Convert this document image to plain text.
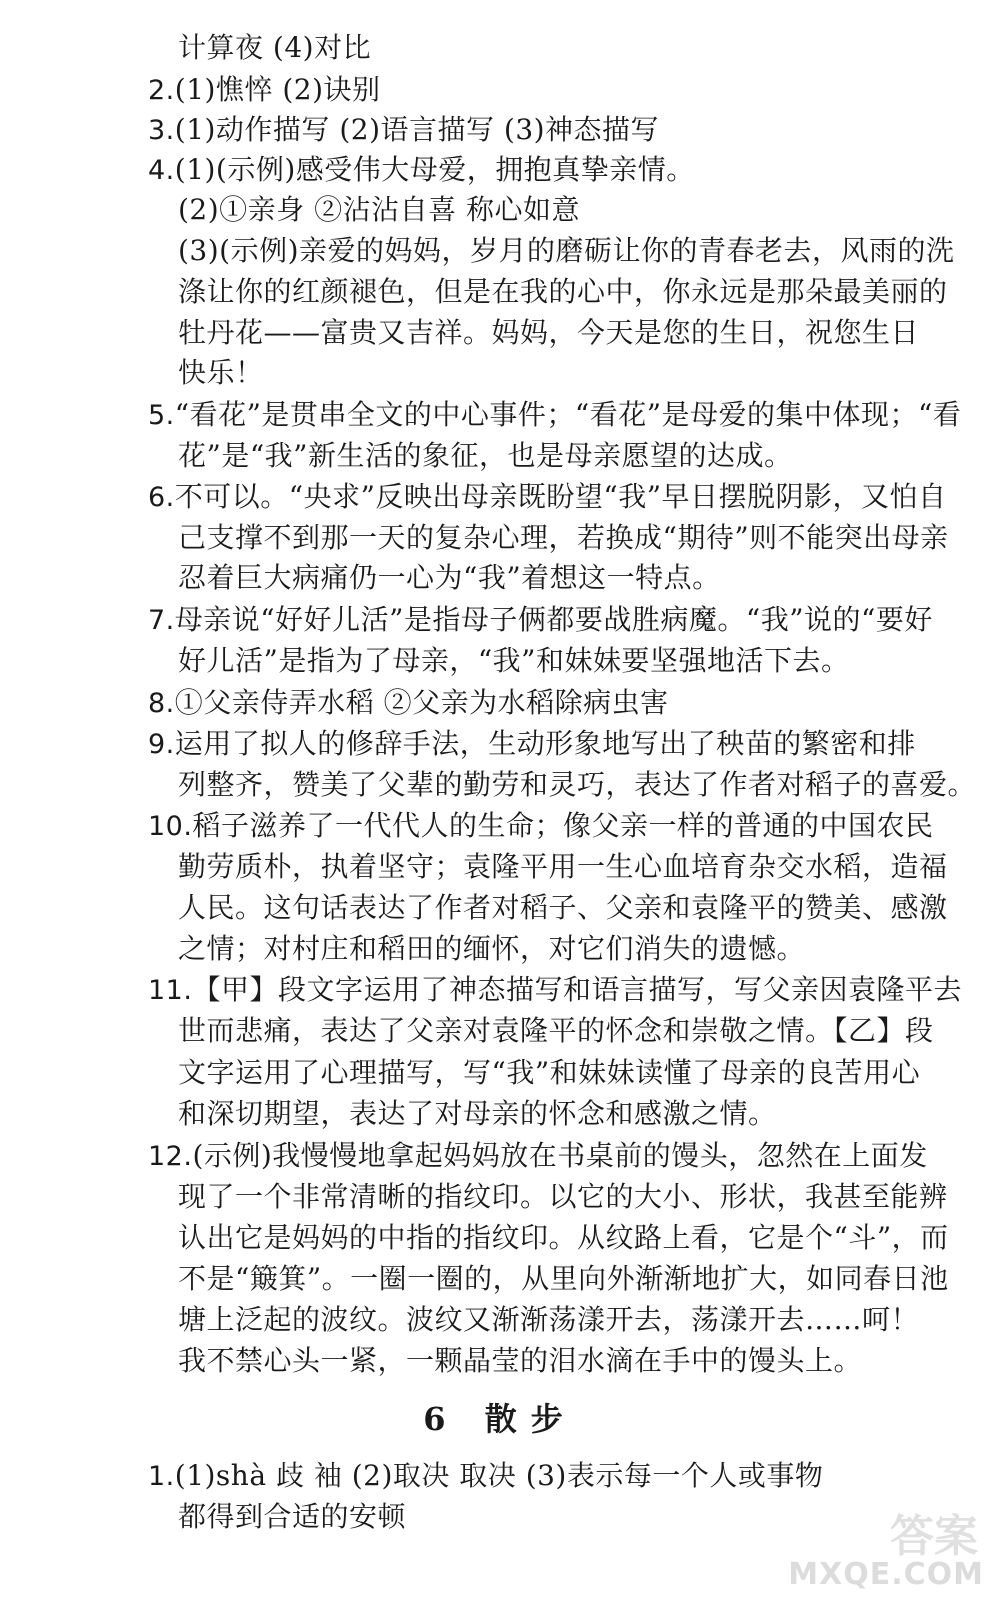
计算夜 (4)对比
2.(1)憔悴 (2)诀别
3.(1)动作描写 (2)语言描写 (3)神态描写
4.(1)(示例)感受伟大母爱，拥抱真挚亲情。
(2)①亲身 ②沾沾自喜 称心如意
(3)(示例)亲爱的妈妈，岁月的磨砺让你的青春老去，风雨的洗
涤让你的红颜褪色，但是在我的心中，你永远是那朵最美丽的
牡丹花——富贵又吉祥。妈妈，今天是您的生日，祝您生日
快乐！
5.“看花”是贯串全文的中心事件；“看花”是母爱的集中体现；“看
花”是“我”新生活的象征，也是母亲愿望的达成。
6.不可以。“央求”反映出母亲既盼望“我”早日摆脱阴影，又怕自
己支撑不到那一天的复杂心理，若换成“期待”则不能突出母亲
忍着巨大病痛仍一心为“我”着想这一特点。
7.母亲说“好好儿活”是指母子俩都要战胜病魔。“我”说的“要好
好儿活”是指为了母亲，“我”和妹妹要坚强地活下去。
8.①父亲侍弄水稻 ②父亲为水稻除病虫害
9.运用了拟人的修辞手法，生动形象地写出了秧苗的繁密和排
列整齐，赞美了父辈的勤劳和灵巧，表达了作者对稻子的喜爱。
10.稻子滋养了一代代人的生命；像父亲一样的普通的中国农民
勤劳质朴，执着坚守；袁隆平用一生心血培育杂交水稻，造福
人民。这句话表达了作者对稻子、父亲和袁隆平的赞美、感激
之情；对村庄和稻田的缅怀，对它们消失的遗憾。
11.【甲】段文字运用了神态描写和语言描写，写父亲因袁隆平去
世而悲痛，表达了父亲对袁隆平的怀念和崇敬之情。【乙】段
文字运用了心理描写，写“我”和妹妹读懂了母亲的良苦用心
和深切期望，表达了对母亲的怀念和感激之情。
12.(示例)我慢慢地拿起妈妈放在书桌前的馒头，忽然在上面发
现了一个非常清晰的指纹印。以它的大小、形状，我甚至能辨
认出它是妈妈的中指的指纹印。从纹路上看，它是个“斗”，而
不是“簸箕”。一圈一圈的，从里向外渐渐地扩大，如同春日池
塘上泛起的波纹。波纹又渐渐荡漾开去，荡漾开去……呵！
我不禁心头一紧，一颗晶莹的泪水滴在手中的馒头上。
6 散步
1.(1)shà 歧 袖 (2)取决 取决 (3)表示每一个人或事物
都得到合适的安顿	答案
MXQE.COM
